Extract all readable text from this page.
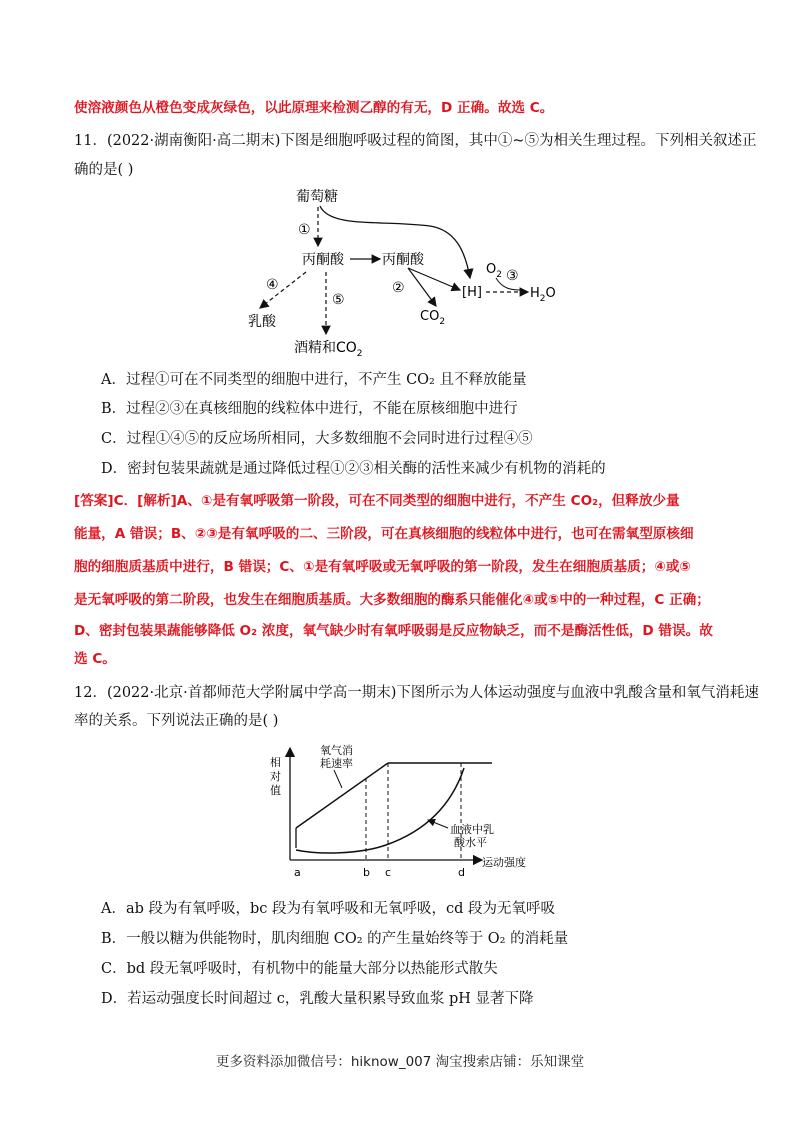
使溶液颜色从橙色变成灰绿色，以此原理来检测乙醇的有无，D 正确。故选 C。
11．(2022·湖南衡阳·高二期末)下图是细胞呼吸过程的简图，其中①~⑤为相关生理过程。下列相关叙述正
确的是( )
葡萄糖
①
丙酮酸	丙酮酸
②
$CO_2$
[H]
$O_2$ ③
$H_2O$
④
乳酸
⑤
酒精和$CO_2$
A．过程①可在不同类型的细胞中进行，不产生 CO₂ 且不释放能量
B．过程②③在真核细胞的线粒体中进行，不能在原核细胞中进行
C．过程①④⑤的反应场所相同，大多数细胞不会同时进行过程④⑤
D．密封包装果蔬就是通过降低过程①②③相关酶的活性来减少有机物的消耗的
[答案]C．[解析]A、①是有氧呼吸第一阶段，可在不同类型的细胞中进行，不产生 CO₂，但释放少量
能量，A 错误；B、②③是有氧呼吸的二、三阶段，可在真核细胞的线粒体中进行，也可在需氧型原核细
胞的细胞质基质中进行，B 错误；C、①是有氧呼吸或无氧呼吸的第一阶段，发生在细胞质基质；④或⑤
是无氧呼吸的第二阶段，也发生在细胞质基质。大多数细胞的酶系只能催化④或⑤中的一种过程，C 正确；
D、密封包装果蔬能够降低 O₂ 浓度，氧气缺少时有氧呼吸弱是反应物缺乏，而不是酶活性低，D 错误。故
选 C。
12．(2022·北京·首都师范大学附属中学高一期末)下图所示为人体运动强度与血液中乳酸含量和氧气消耗速
率的关系。下列说法正确的是( )
相
对
值
运动强度
a	b c	d
氧气消
耗速率
血液中乳
酸水平
A．ab 段为有氧呼吸，bc 段为有氧呼吸和无氧呼吸，cd 段为无氧呼吸
B．一般以糖为供能物时，肌肉细胞 CO₂ 的产生量始终等于 O₂ 的消耗量
C．bd 段无氧呼吸时，有机物中的能量大部分以热能形式散失
D．若运动强度长时间超过 c，乳酸大量积累导致血浆 pH 显著下降
更多资料添加微信号：hiknow_007 淘宝搜索店铺：乐知课堂
